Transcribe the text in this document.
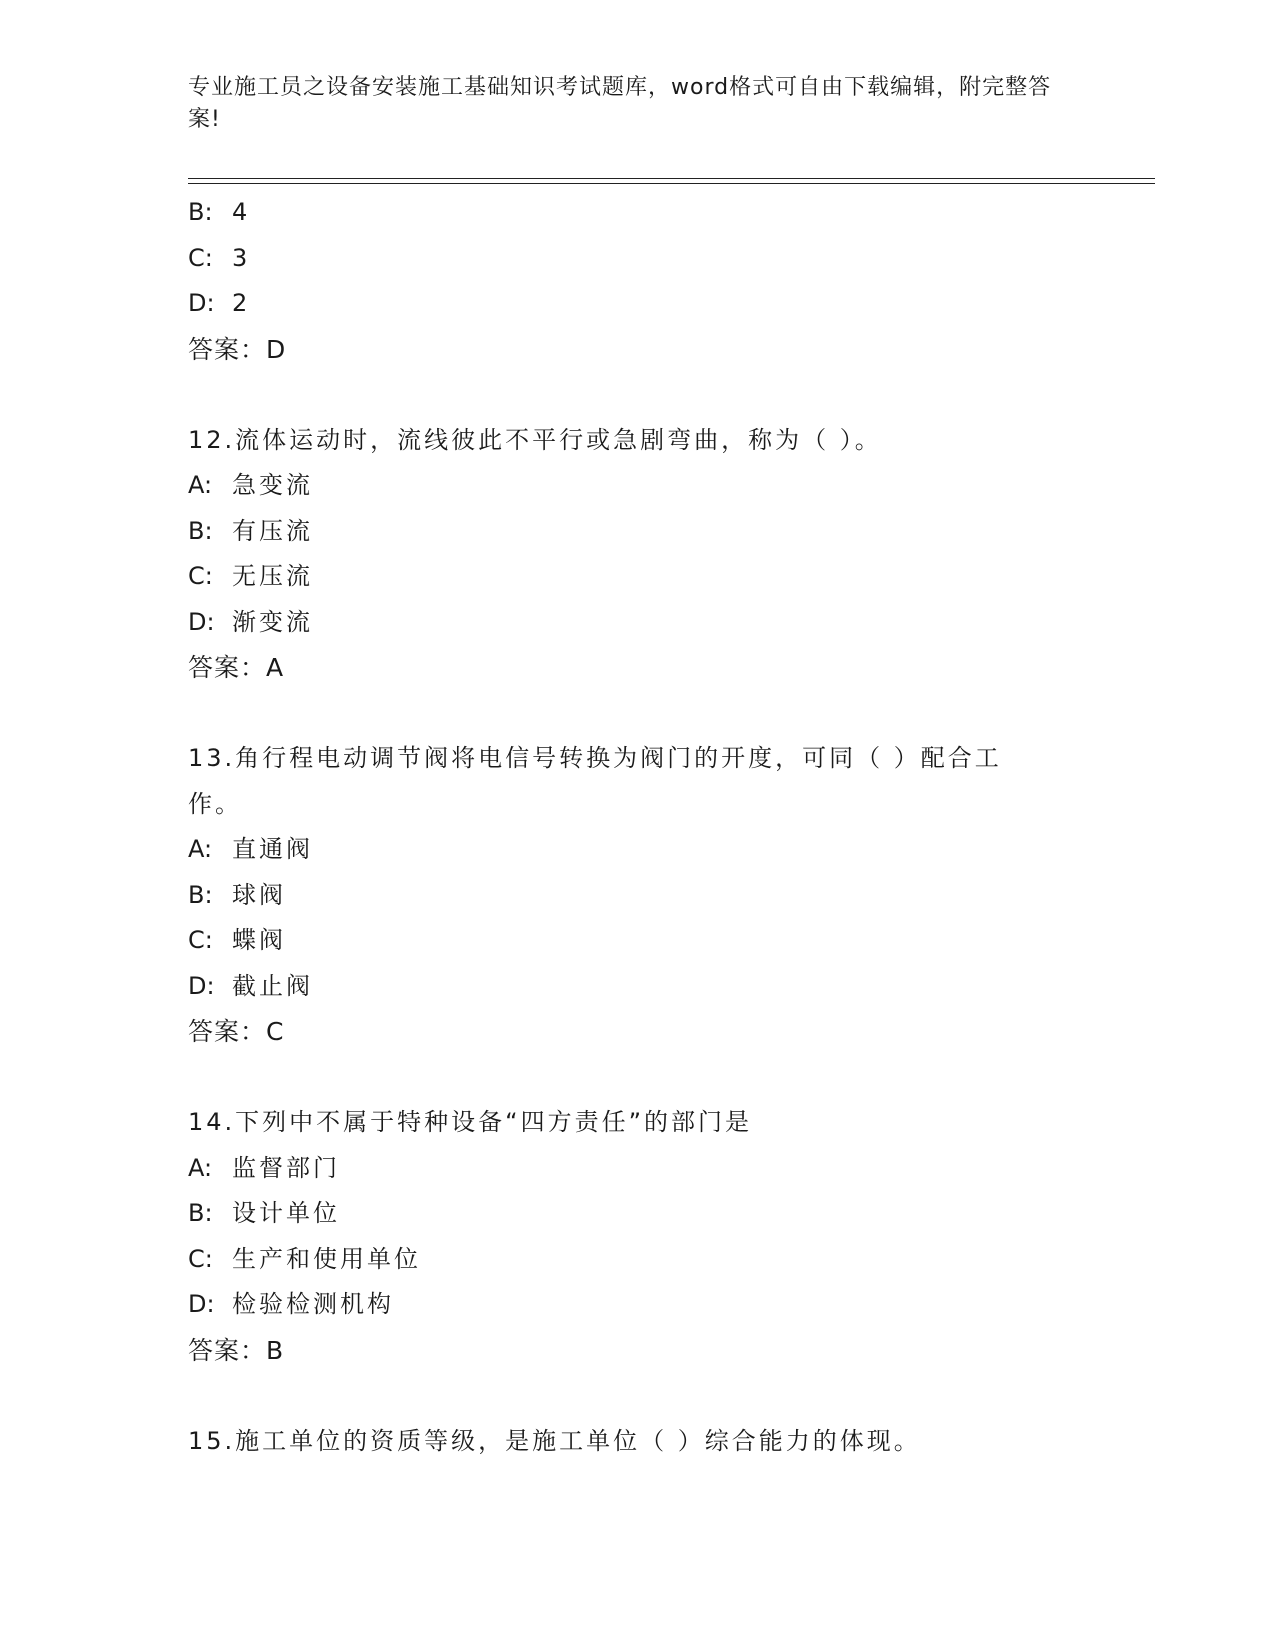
专业施工员之设备安装施工基础知识考试题库，word格式可自由下载编辑，附完整答案!
B: 4
C: 3
D: 2
答案：D
12.流体运动时，流线彼此不平行或急剧弯曲，称为（ ）。
A: 急变流
B: 有压流
C: 无压流
D: 渐变流
答案：A
13.角行程电动调节阀将电信号转换为阀门的开度，可同（ ）配合工作。
A: 直通阀
B: 球阀
C: 蝶阀
D: 截止阀
答案：C
14.下列中不属于特种设备“四方责任”的部门是
A: 监督部门
B: 设计单位
C: 生产和使用单位
D: 检验检测机构
答案：B
15.施工单位的资质等级，是施工单位（ ）综合能力的体现。
